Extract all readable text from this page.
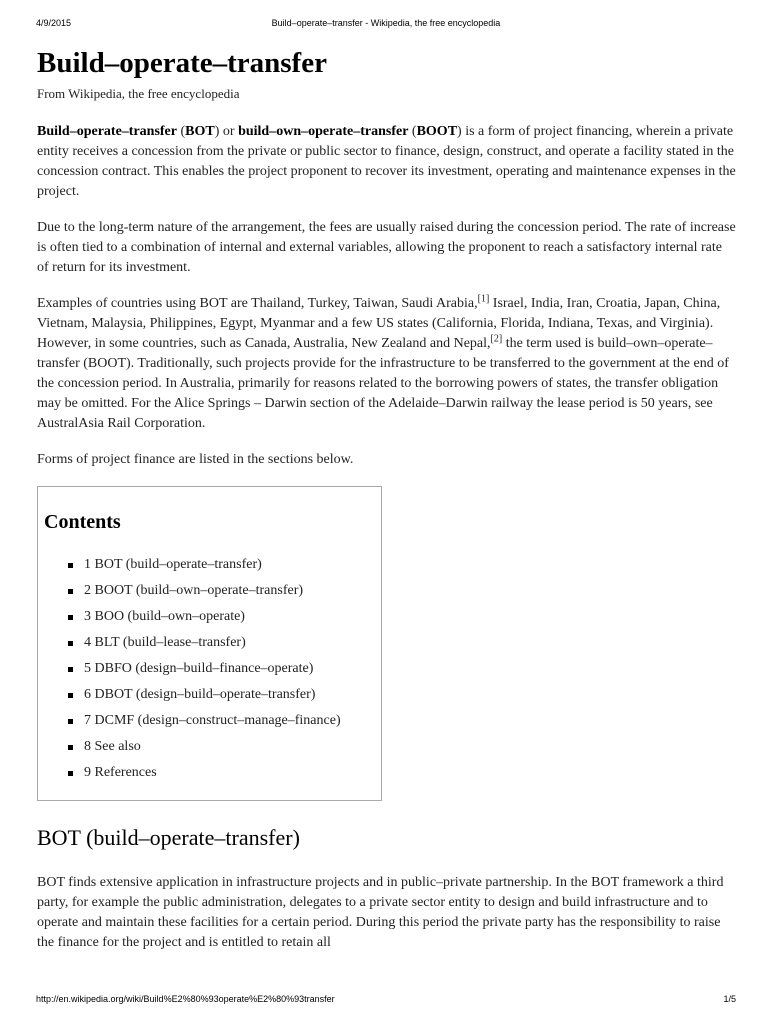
4/9/2015	Build–operate–transfer - Wikipedia, the free encyclopedia
Build–operate–transfer
From Wikipedia, the free encyclopedia

Build–operate–transfer (BOT) or build–own–operate–transfer (BOOT) is a form of project financing, wherein a private entity receives a concession from the private or public sector to finance, design, construct, and operate a facility stated in the concession contract. This enables the project proponent to recover its investment, operating and maintenance expenses in the project.

Due to the long-term nature of the arrangement, the fees are usually raised during the concession period. The rate of increase is often tied to a combination of internal and external variables, allowing the proponent to reach a satisfactory internal rate of return for its investment.

Examples of countries using BOT are Thailand, Turkey, Taiwan, Saudi Arabia,[1] Israel, India, Iran, Croatia, Japan, China, Vietnam, Malaysia, Philippines, Egypt, Myanmar and a few US states (California, Florida, Indiana, Texas, and Virginia). However, in some countries, such as Canada, Australia, New Zealand and Nepal,[2] the term used is build–own–operate–transfer (BOOT). Traditionally, such projects provide for the infrastructure to be transferred to the government at the end of the concession period. In Australia, primarily for reasons related to the borrowing powers of states, the transfer obligation may be omitted. For the Alice Springs – Darwin section of the Adelaide–Darwin railway the lease period is 50 years, see AustralAsia Rail Corporation.

Forms of project finance are listed in the sections below.

Contents
1 BOT (build–operate–transfer)
2 BOOT (build–own–operate–transfer)
3 BOO (build–own–operate)
4 BLT (build–lease–transfer)
5 DBFO (design–build–finance–operate)
6 DBOT (design–build–operate–transfer)
7 DCMF (design–construct–manage–finance)
8 See also
9 References
BOT (build–operate–transfer)

BOT finds extensive application in infrastructure projects and in public–private partnership. In the BOT framework a third party, for example the public administration, delegates to a private sector entity to design and build infrastructure and to operate and maintain these facilities for a certain period. During this period the private party has the responsibility to raise the finance for the project and is entitled to retain all

http://en.wikipedia.org/wiki/Build%E2%80%93operate%E2%80%93transfer	1/5
